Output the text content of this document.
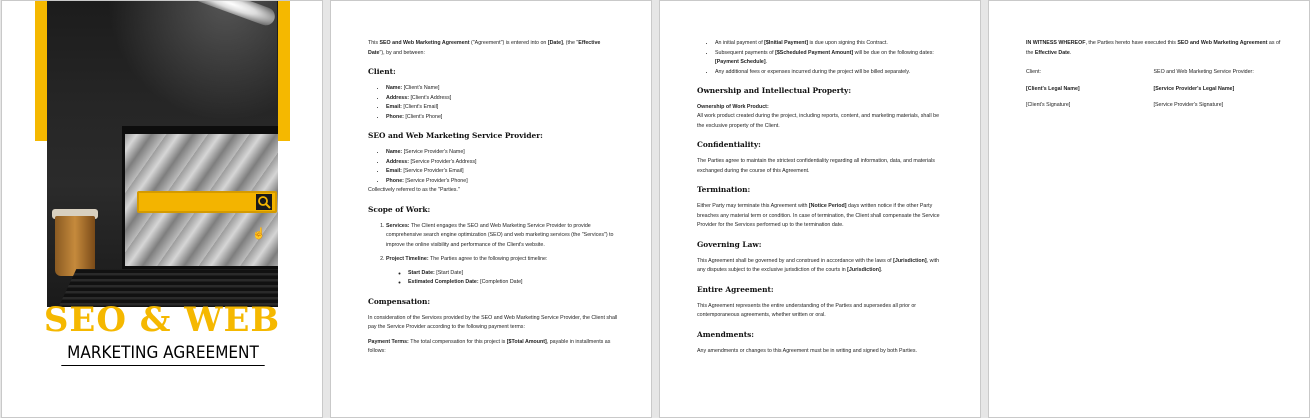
☝
SEO & WEB
MARKETING AGREEMENT

This SEO and Web Marketing Agreement ("Agreement") is entered into on [Date], (the "Effective Date"), by and between:

Client:
• Name: [Client's Name]
• Address: [Client's Address]
• Email: [Client's Email]
• Phone: [Client's Phone]
SEO and Web Marketing Service Provider:
• Name: [Service Provider's Name]
• Address: [Service Provider's Address]
• Email: [Service Provider's Email]
• Phone: [Service Provider's Phone]

Collectively referred to as the "Parties."

Scope of Work:
1. Services: The Client engages the SEO and Web Marketing Service Provider to provide comprehensive search engine optimization (SEO) and web marketing services (the "Services") to improve the online visibility and performance of the Client's website.
2. Project Timeline: The Parties agree to the following project timeline:
◦ Start Date: [Start Date]
◦ Estimated Completion Date: [Completion Date]
Compensation:

In consideration of the Services provided by the SEO and Web Marketing Service Provider, the Client shall pay the Service Provider according to the following payment terms:

Payment Terms: The total compensation for this project is [$Total Amount], payable in installments as follows:

• An initial payment of [$Initial Payment] is due upon signing this Contract.
• Subsequent payments of [$Scheduled Payment Amount] will be due on the following dates: [Payment Schedule].
• Any additional fees or expenses incurred during the project will be billed separately.
Ownership and Intellectual Property:
Ownership of Work Product:

All work product created during the project, including reports, content, and marketing materials, shall be the exclusive property of the Client.

Confidentiality:

The Parties agree to maintain the strictest confidentiality regarding all information, data, and materials exchanged during the course of this Agreement.

Termination:

Either Party may terminate this Agreement with [Notice Period] days written notice if the other Party breaches any material term or condition. In case of termination, the Client shall compensate the Service Provider for the Services performed up to the termination date.

Governing Law:

This Agreement shall be governed by and construed in accordance with the laws of [Jurisdiction], with any disputes subject to the exclusive jurisdiction of the courts in [Jurisdiction].

Entire Agreement:

This Agreement represents the entire understanding of the Parties and supersedes all prior or contemporaneous agreements, whether written or oral.

Amendments:

Any amendments or changes to this Agreement must be in writing and signed by both Parties.

IN WITNESS WHEREOF, the Parties hereto have executed this SEO and Web Marketing Agreement as of the Effective Date.

Client:	SEO and Web Marketing Service Provider:
[Client's Legal Name]	[Service Provider's Legal Name]
[Client's Signature]	[Service Provider's Signature]
